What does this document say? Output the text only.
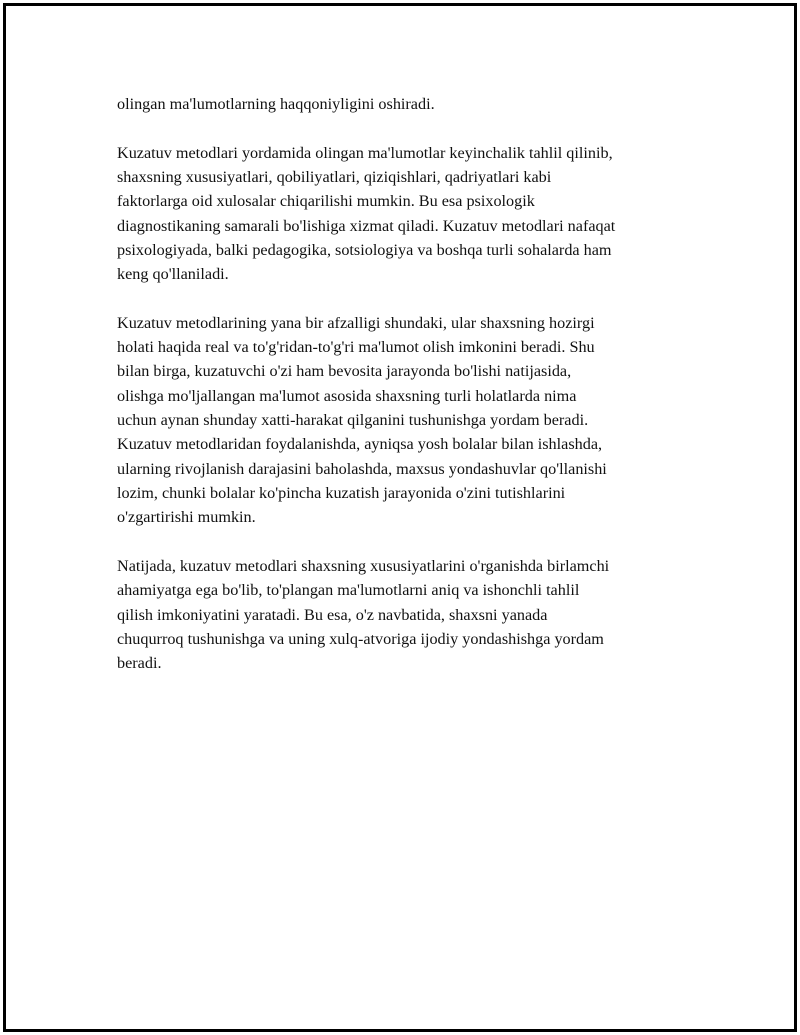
olingan ma'lumotlarning haqqoniyligini oshiradi.

Kuzatuv metodlari yordamida olingan ma'lumotlar keyinchalik tahlil qilinib,
shaxsning xususiyatlari, qobiliyatlari, qiziqishlari, qadriyatlari kabi
faktorlarga oid xulosalar chiqarilishi mumkin. Bu esa psixologik
diagnostikaning samarali bo'lishiga xizmat qiladi. Kuzatuv metodlari nafaqat
psixologiyada, balki pedagogika, sotsiologiya va boshqa turli sohalarda ham
keng qo'llaniladi.

Kuzatuv metodlarining yana bir afzalligi shundaki, ular shaxsning hozirgi
holati haqida real va to'g'ridan-to'g'ri ma'lumot olish imkonini beradi. Shu
bilan birga, kuzatuvchi o'zi ham bevosita jarayonda bo'lishi natijasida,
olishga mo'ljallangan ma'lumot asosida shaxsning turli holatlarda nima
uchun aynan shunday xatti-harakat qilganini tushunishga yordam beradi.
Kuzatuv metodlaridan foydalanishda, ayniqsa yosh bolalar bilan ishlashda,
ularning rivojlanish darajasini baholashda, maxsus yondashuvlar qo'llanishi
lozim, chunki bolalar ko'pincha kuzatish jarayonida o'zini tutishlarini
o'zgartirishi mumkin.

Natijada, kuzatuv metodlari shaxsning xususiyatlarini o'rganishda birlamchi
ahamiyatga ega bo'lib, to'plangan ma'lumotlarni aniq va ishonchli tahlil
qilish imkoniyatini yaratadi. Bu esa, o'z navbatida, shaxsni yanada
chuqurroq tushunishga va uning xulq-atvoriga ijodiy yondashishga yordam
beradi.
